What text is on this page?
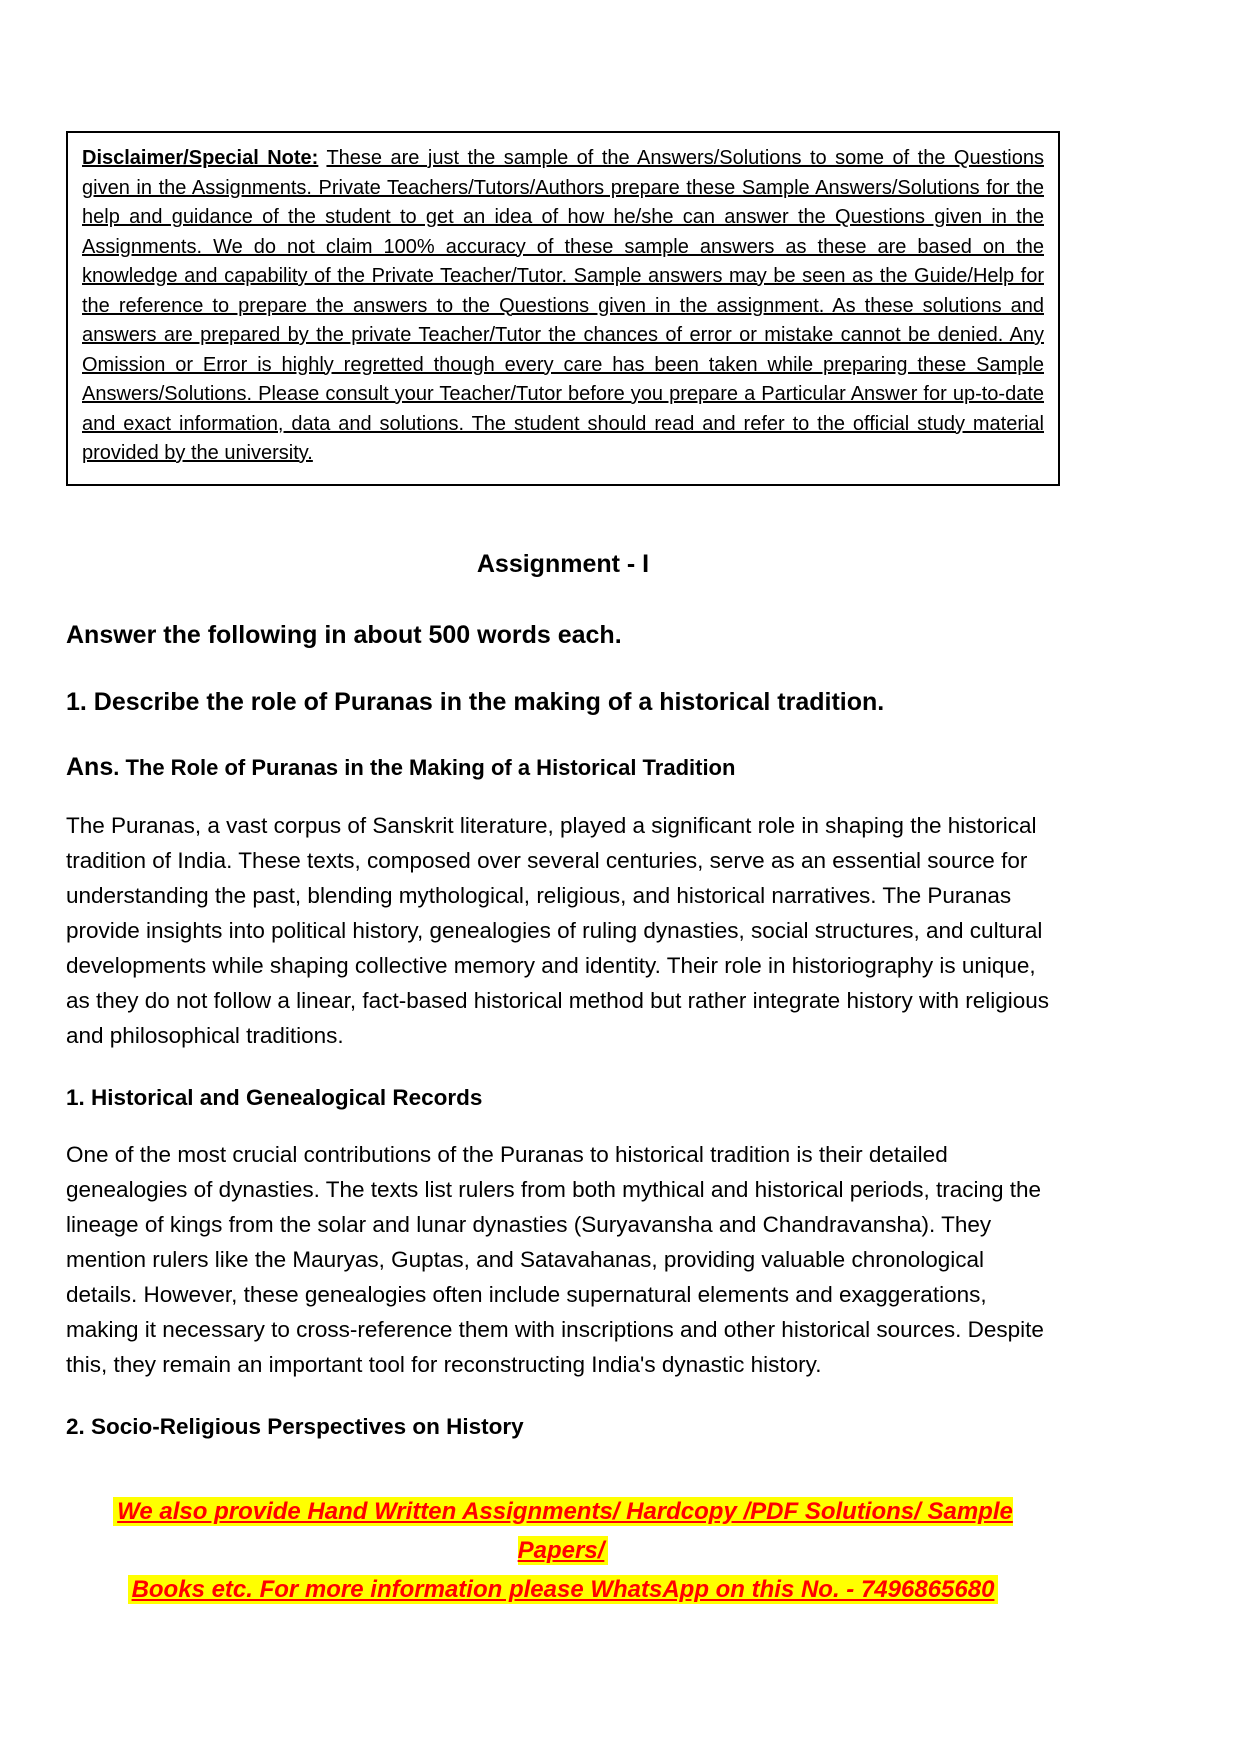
Disclaimer/Special Note: These are just the sample of the Answers/Solutions to some of the Questions given in the Assignments. Private Teachers/Tutors/Authors prepare these Sample Answers/Solutions for the help and guidance of the student to get an idea of how he/she can answer the Questions given in the Assignments. We do not claim 100% accuracy of these sample answers as these are based on the knowledge and capability of the Private Teacher/Tutor. Sample answers may be seen as the Guide/Help for the reference to prepare the answers to the Questions given in the assignment. As these solutions and answers are prepared by the private Teacher/Tutor the chances of error or mistake cannot be denied. Any Omission or Error is highly regretted though every care has been taken while preparing these Sample Answers/Solutions. Please consult your Teacher/Tutor before you prepare a Particular Answer for up-to-date and exact information, data and solutions. The student should read and refer to the official study material provided by the university.

Assignment - I

Answer the following in about 500 words each.

1. Describe the role of Puranas in the making of a historical tradition.

Ans. The Role of Puranas in the Making of a Historical Tradition

The Puranas, a vast corpus of Sanskrit literature, played a significant role in shaping the historical tradition of India. These texts, composed over several centuries, serve as an essential source for understanding the past, blending mythological, religious, and historical narratives. The Puranas provide insights into political history, genealogies of ruling dynasties, social structures, and cultural developments while shaping collective memory and identity. Their role in historiography is unique, as they do not follow a linear, fact-based historical method but rather integrate history with religious and philosophical traditions.

1. Historical and Genealogical Records

One of the most crucial contributions of the Puranas to historical tradition is their detailed genealogies of dynasties. The texts list rulers from both mythical and historical periods, tracing the lineage of kings from the solar and lunar dynasties (Suryavansha and Chandravansha). They mention rulers like the Mauryas, Guptas, and Satavahanas, providing valuable chronological details. However, these genealogies often include supernatural elements and exaggerations, making it necessary to cross-reference them with inscriptions and other historical sources. Despite this, they remain an important tool for reconstructing India's dynastic history.

2. Socio-Religious Perspectives on History
We also provide Hand Written Assignments/ Hardcopy /PDF Solutions/ Sample Papers/
Books etc. For more information please WhatsApp on this No. - 7496865680
